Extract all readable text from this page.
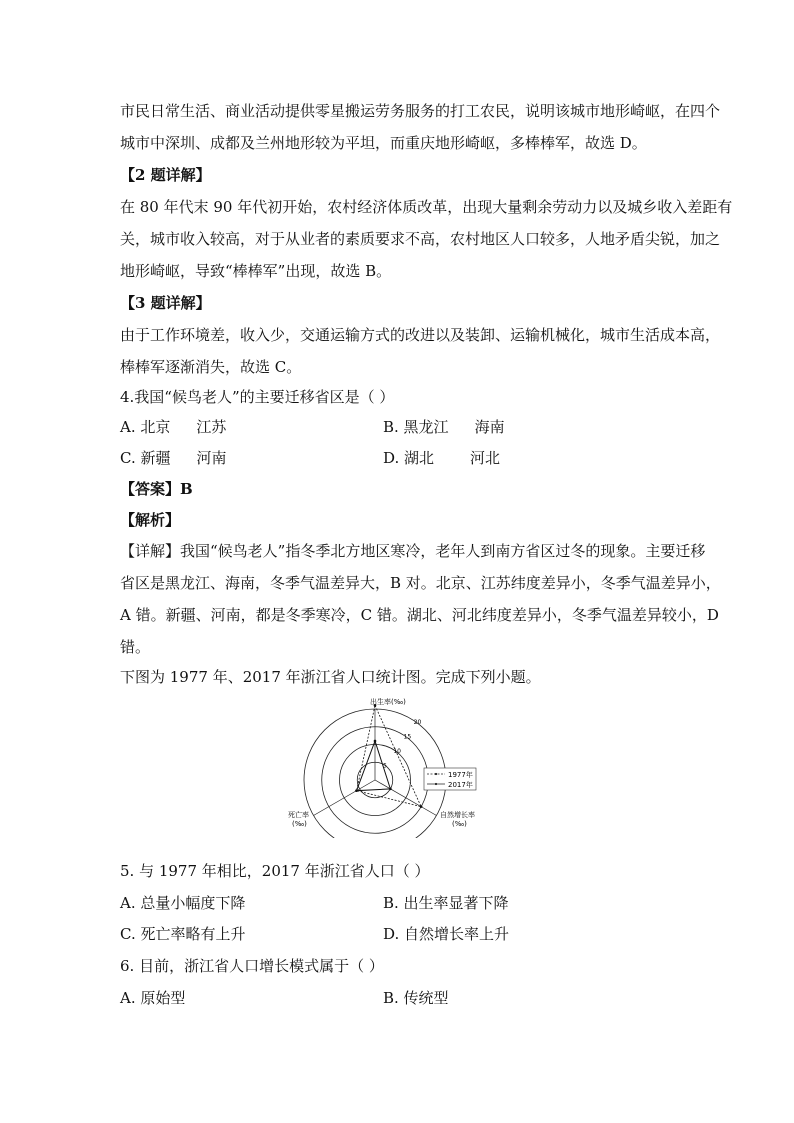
市民日常生活、商业活动提供零星搬运劳务服务的打工农民，说明该城市地形崎岖，在四个
城市中深圳、成都及兰州地形较为平坦，而重庆地形崎岖，多棒棒军，故选 D。
【2 题详解】
在 80 年代末 90 年代初开始，农村经济体质改革，出现大量剩余劳动力以及城乡收入差距有
关，城市收入较高，对于从业者的素质要求不高，农村地区人口较多，人地矛盾尖锐，加之
地形崎岖，导致“棒棒军”出现，故选 B。
【3 题详解】
由于工作环境差，收入少，交通运输方式的改进以及装卸、运输机械化，城市生活成本高，
棒棒军逐渐消失，故选 C。
4.我国“候鸟老人”的主要迁移省区是（ ）
A. 北京 江苏	B. 黑龙江 海南
C. 新疆 河南	D. 湖北 河北
【答案】B
【解析】
【详解】我国“候鸟老人”指冬季北方地区寒冷，老年人到南方省区过冬的现象。主要迁移
省区是黑龙江、海南，冬季气温差异大，B 对。北京、江苏纬度差异小，冬季气温差异小，
A 错。新疆、河南，都是冬季寒冷，C 错。湖北、河北纬度差异小，冬季气温差异较小，D
错。
下图为 1977 年、2017 年浙江省人口统计图。完成下列小题。
5
10
15
20
出生率(‰)
自然增长率
(‰)
死亡率
(‰)
1977年
2017年
5. 与 1977 年相比，2017 年浙江省人口（ ）
A. 总量小幅度下降	B. 出生率显著下降
C. 死亡率略有上升	D. 自然增长率上升
6. 目前，浙江省人口增长模式属于（ ）
A. 原始型	B. 传统型
